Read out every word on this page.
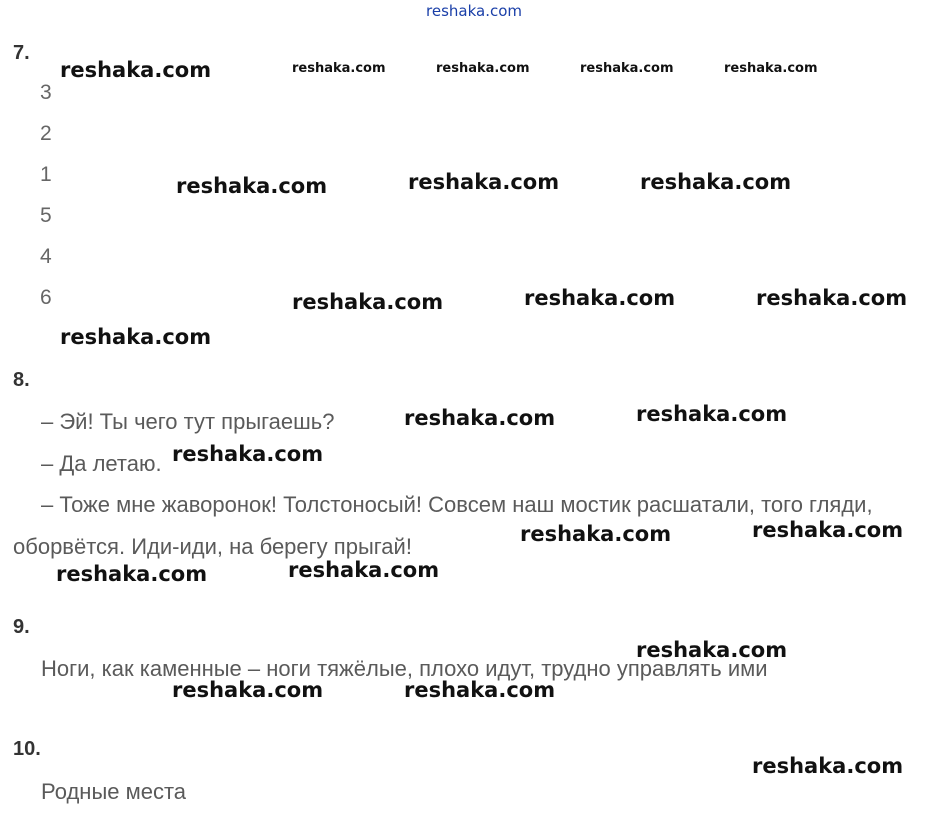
reshaka.com
7.
3
2
1
5
4
6
8.
– Эй! Ты чего тут прыгаешь?
– Да летаю.
– Тоже мне жаворонок! Толстоносый! Совсем наш мостик расшатали, того гляди,
оборвётся. Иди-иди, на берегу прыгай!
9.
Ноги, как каменные – ноги тяжёлые, плохо идут, трудно управлять ими
10.
Родные места
reshaka.com	reshaka.com	reshaka.com	reshaka.com	reshaka.com
reshaka.com	reshaka.com	reshaka.com
reshaka.com	reshaka.com	reshaka.com
reshaka.com
reshaka.com	reshaka.com
reshaka.com
reshaka.com	reshaka.com
reshaka.com	reshaka.com
reshaka.com
reshaka.com	reshaka.com
reshaka.com
